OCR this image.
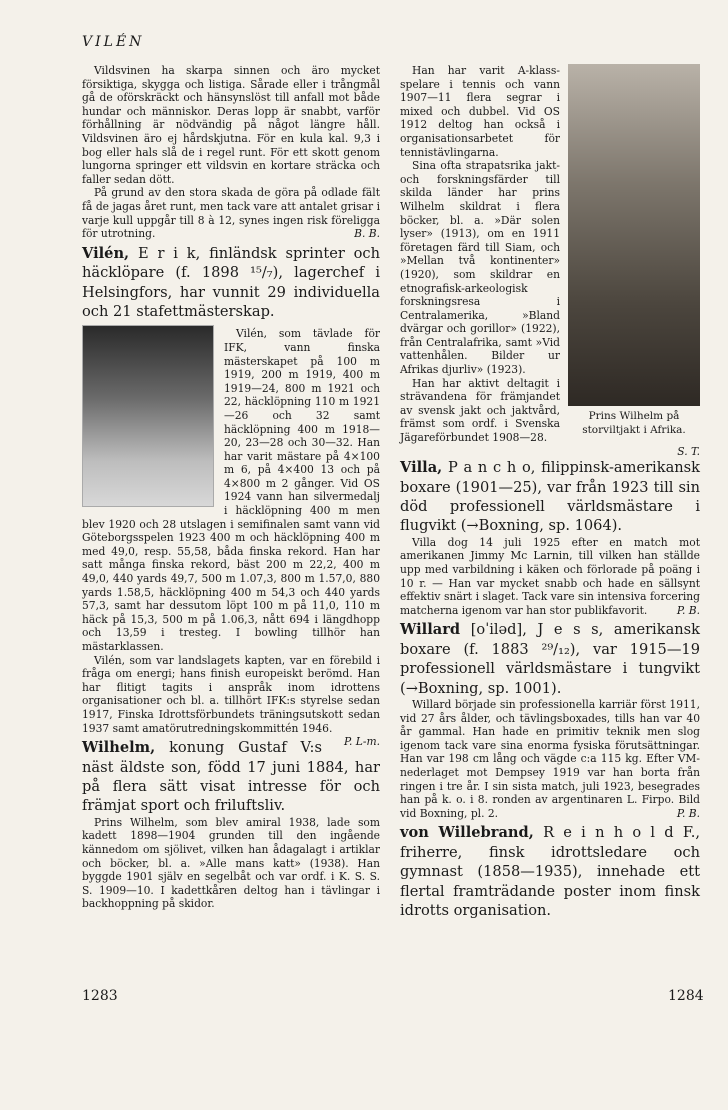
VILÉN

Vildsvinen ha skarpa sinnen och äro mycket försiktiga, skygga och listiga. Sårade eller i trångmål gå de oförskräckt och hänsynslöst till anfall mot både hundar och människor. Deras lopp är snabbt, varför förhållning är nödvändig på något längre håll. Vildsvinen äro ej hårdskjutna. För en kula kal. 9,3 i bog eller hals slå de i regel runt. För ett skott genom lungorna springer ett vildsvin en kortare sträcka och faller sedan dött.

På grund av den stora skada de göra på odlade fält få de jagas året runt, men tack vare att antalet grisar i varje kull uppgår till 8 à 12, synes ingen risk föreligga för utrotning.	B. B.

Vilén, E r i k, finländsk sprinter och häcklöpare (f. 1898 ¹⁵/₇), lagerchef i Helsingfors, har vunnit 29 individuella och 21 stafettmästerskap.

Vilén, som tävlade för IFK, vann finska mästerskapet på 100 m 1919, 200 m 1919, 400 m 1919—24, 800 m 1921 och 22, häcklöpning 110 m 1921—26 och 32 samt häcklöpning 400 m 1918—20, 23—28 och 30—32. Han har varit mästare på 4×100 m 6, på 4×400 13 och på 4×800 m 2 gånger. Vid OS 1924 vann han silvermedalj i häcklöpning 400 m men blev 1920 och 28 utslagen i semifinalen samt vann vid Göteborgsspelen 1923 400 m och häcklöpning 400 m med 49,0, resp. 55,58, båda finska rekord. Han har satt många finska rekord, bäst 200 m 22,2, 400 m 49,0, 440 yards 49,7, 500 m 1.07,3, 800 m 1.57,0, 880 yards 1.58,5, häcklöpning 400 m 54,3 och 440 yards 57,3, samt har dessutom löpt 100 m på 11,0, 110 m häck på 15,3, 500 m på 1.06,3, nått 694 i längdhopp och 13,59 i tresteg. I bowling tillhör han mästarklassen.

Vilén, som var landslagets kapten, var en förebild i fråga om energi; hans finish europeiskt berömd. Han har flitigt tagits i anspråk inom idrottens organisationer och bl. a. tillhört IFK:s styrelse sedan 1917, Finska Idrottsförbundets träningsutskott sedan 1937 samt amatörutredningskommittén 1946.
P. L-m.

Wilhelm, konung Gustaf V:s näst äldste son, född 17 juni 1884, har på flera sätt visat intresse för och främjat sport och friluftsliv.

Prins Wilhelm, som blev amiral 1938, lade som kadett 1898—1904 grunden till den ingående kännedom om sjölivet, vilken han ådagalagt i artiklar och böcker, bl. a. »Alle mans katt» (1938). Han byggde 1901 själv en segelbåt och var ordf. i K. S. S. S. 1909—10. I kadettkåren deltog han i tävlingar i backhoppning på skidor.

Prins Wilhelm på storviltjakt i Afrika.

Han har varit A-klass-spelare i tennis och vann 1907—11 flera segrar i mixed och dubbel. Vid OS 1912 deltog han också i organisationsarbetet för tennistävlingarna.

Sina ofta strapatsrika jakt- och forskningsfärder till skilda länder har prins Wilhelm skildrat i flera böcker, bl. a. »Där solen lyser» (1913), om en 1911 företagen färd till Siam, och »Mellan två kontinenter» (1920), som skildrar en etnografisk-arkeologisk forskningsresa i Centralamerika, »Bland dvärgar och gorillor» (1922), från Centralafrika, samt »Vid vattenhålen. Bilder ur Afrikas djurliv» (1923).

Han har aktivt deltagit i strävandena för främjandet av svensk jakt och jaktvård, främst som ordf. i Svenska Jägareförbundet 1908—28.
S. T.

Villa, P a n c h o, filippinsk-amerikansk boxare (1901—25), var från 1923 till sin död professionell världsmästare i flugvikt (→Boxning, sp. 1064).

Villa dog 14 juli 1925 efter en match mot amerikanen Jimmy Mc Larnin, till vilken han ställde upp med varbildning i käken och förlorade på poäng i 10 r. — Han var mycket snabb och hade en sällsynt effektiv snärt i slaget. Tack vare sin intensiva forcering matcherna igenom var han stor publikfavorit.	P. B.

Willard [oˈiləd], J e s s, amerikansk boxare (f. 1883 ²⁹/₁₂), var 1915—19 professionell världsmästare i tungvikt (→Boxning, sp. 1001).

Willard började sin professionella karriär först 1911, vid 27 års ålder, och tävlingsboxades, tills han var 40 år gammal. Han hade en primitiv teknik men slog igenom tack vare sina enorma fysiska förutsättningar. Han var 198 cm lång och vägde c:a 115 kg. Efter VM-nederlaget mot Dempsey 1919 var han borta från ringen i tre år. I sin sista match, juli 1923, besegrades han på k. o. i 8. ronden av argentinaren L. Firpo. Bild vid Boxning, pl. 2.	P. B.

von Willebrand, R e i n h o l d F., friherre, finsk idrottsledare och gymnast (1858—1935), innehade ett flertal framträdande poster inom finsk idrotts organisation.

1283	1284
